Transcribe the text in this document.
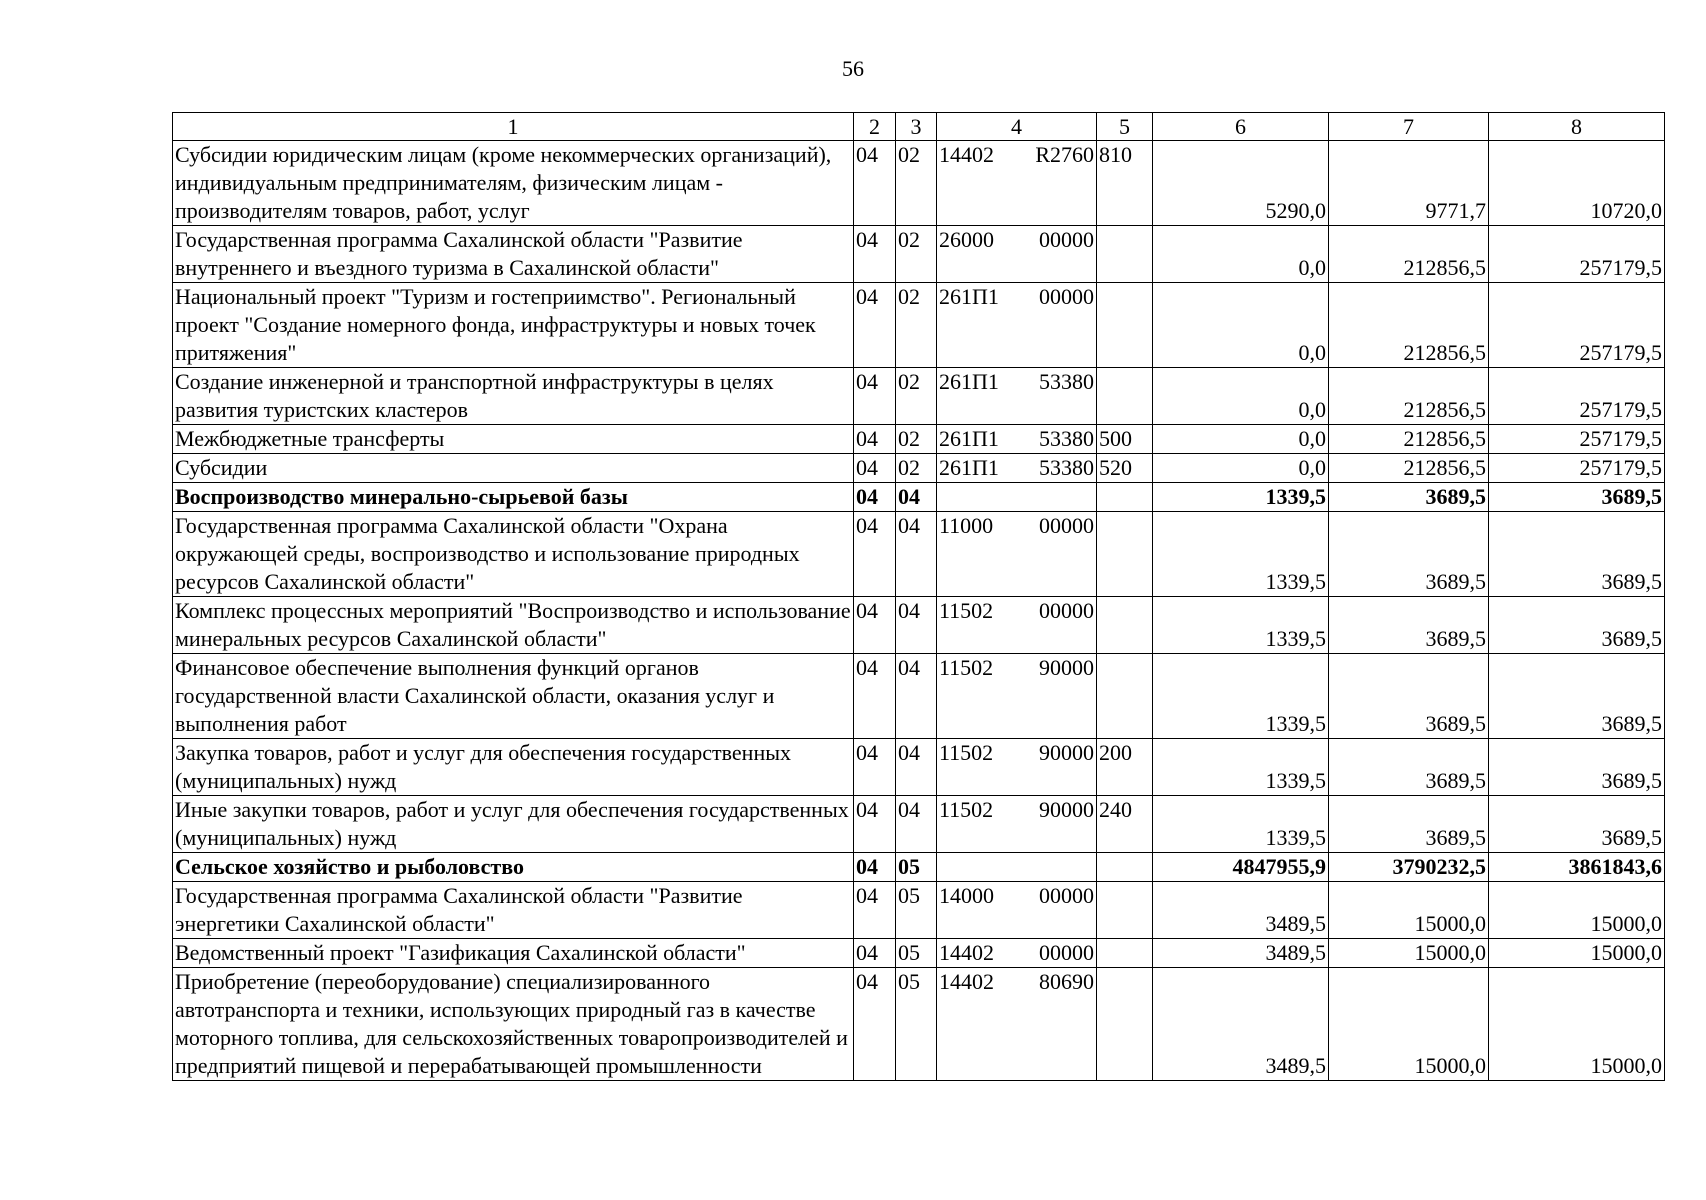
56
1	2	3	4	5	6	7	8
Субсидии юридическим лицам (кроме некоммерческих организаций), индивидуальным предпринимателям, физическим лицам - производителям товаров, работ, услуг	04	02	14402 R2760	810	5290,0	9771,7	10720,0
Государственная программа Сахалинской области "Развитие внутреннего и въездного туризма в Сахалинской области"	04	02	26000 00000		0,0	212856,5	257179,5
Национальный проект "Туризм и гостеприимство". Региональный проект "Создание номерного фонда, инфраструктуры и новых точек притяжения"	04	02	261П1 00000		0,0	212856,5	257179,5
Создание инженерной и транспортной инфраструктуры в целях развития туристских кластеров	04	02	261П1 53380		0,0	212856,5	257179,5
Межбюджетные трансферты	04	02	261П1 53380	500	0,0	212856,5	257179,5
Субсидии	04	02	261П1 53380	520	0,0	212856,5	257179,5
Воспроизводство минерально-сырьевой базы	04	04			1339,5	3689,5	3689,5
Государственная программа Сахалинской области "Охрана окружающей среды, воспроизводство и использование природных ресурсов Сахалинской области"	04	04	11000 00000		1339,5	3689,5	3689,5
Комплекс процессных мероприятий "Воспроизводство и использование минеральных ресурсов Сахалинской области"	04	04	11502 00000		1339,5	3689,5	3689,5
Финансовое обеспечение выполнения функций органов государственной власти Сахалинской области, оказания услуг и выполнения работ	04	04	11502 90000		1339,5	3689,5	3689,5
Закупка товаров, работ и услуг для обеспечения государственных (муниципальных) нужд	04	04	11502 90000	200	1339,5	3689,5	3689,5
Иные закупки товаров, работ и услуг для обеспечения государственных (муниципальных) нужд	04	04	11502 90000	240	1339,5	3689,5	3689,5
Сельское хозяйство и рыболовство	04	05			4847955,9	3790232,5	3861843,6
Государственная программа Сахалинской области "Развитие энергетики Сахалинской области"	04	05	14000 00000		3489,5	15000,0	15000,0
Ведомственный проект "Газификация Сахалинской области"	04	05	14402 00000		3489,5	15000,0	15000,0
Приобретение (переоборудование) специализированного автотранспорта и техники, использующих природный газ в качестве моторного топлива, для сельскохозяйственных товаропроизводителей и предприятий пищевой и перерабатывающей промышленности	04	05	14402 80690		3489,5	15000,0	15000,0
